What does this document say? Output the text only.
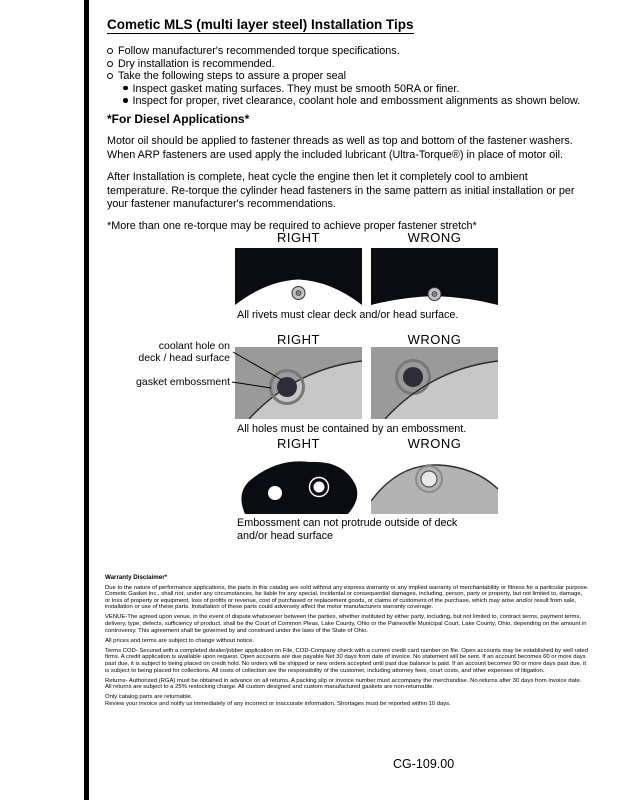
Cometic MLS (multi layer steel) Installation Tips
Follow manufacturer's recommended torque specifications.
Dry installation is recommended.
Take the following steps to assure a proper seal
Inspect gasket mating surfaces. They must be smooth 50RA or finer.
Inspect for proper, rivet clearance, coolant hole and embossment alignments as shown below.
*For Diesel Applications*

Motor oil should be applied to fastener threads as well as top and bottom of the fastener washers. When ARP fasteners are used apply the included lubricant (Ultra-Torque®) in place of motor oil.

After Installation is complete, heat cycle the engine then let it completely cool to ambient temperature. Re-torque the cylinder head fasteners in the same pattern as initial installation or per your fastener manufacturer's recommendations.

*More than one re-torque may be required to achieve proper fastener stretch*

RIGHT	WRONG
All rivets must clear deck and/or head surface.
RIGHT	WRONG
coolant hole on
deck / head surface
gasket embossment
All holes must be contained by an embossment.
RIGHT	WRONG
Embossment can not protrude outside of deck
and/or head surface
Warranty Disclaimer*

Due to the nature of performance applications, the parts in this catalog are sold without any express warranty or any implied warranty of merchantability or fitness for a particular purpose. Cometic Gasket Inc., shall not, under any circumstances, be liable for any special, incidental or consequential damages, including, person, party or property, but not limited to, damage, or loss of property or equipment, loss of profits or revenue, cost of purchased or replacement goods, or claims of customers of the purchase, which may arise and/or result from sale, installation or use of these parts. Installation of these parts could adversely affect the motor manufacturers warranty coverage.

VENUE-The agreed upon venue, in the event of dispute whatsoever between the parties, whether instituted by either party, including, but not limited to, contract terms, payment terms, delivery, type, defects, sufficiency of product, shall be the Court of Common Pleas, Lake County, Ohio or the Painesville Municipal Court, Lake County, Ohio, depending on the amount in controversy. This agreement shall be governed by and construed under the laws of the State of Ohio.

All prices and terms are subject to change without notice.

Terms COD- Secured with a completed dealer/jobber application on File, COD-Company check with a current credit card number on file. Open accounts may be established by well rated firms. A credit application is available upon request. Open accounts are due payable Net 30 days from date of invoice. No statement will be sent. If an account becomes 60 or more days past due, it is subject to being placed on credit hold. No orders will be shipped or new orders accepted until past due balance is paid. If an account becomes 90 or more days past due, it is subject to being placed for collections. All costs of collection are the responsibility of the customer, including attorney fees, court costs, and other expenses of litigation.

Returns- Authorized (RGA) must be obtained in advance on all returns. A packing slip or invoice number must accompany the merchandise. No returns after 30 days from invoice date. All returns are subject to a 25% restocking charge. All custom designed and custom manufactured gaskets are non-returnable.

Only catalog parts are returnable.

Review your invoice and notify us immediately of any incorrect or inaccurate information. Shortages must be reported within 10 days.

CG-109.00
